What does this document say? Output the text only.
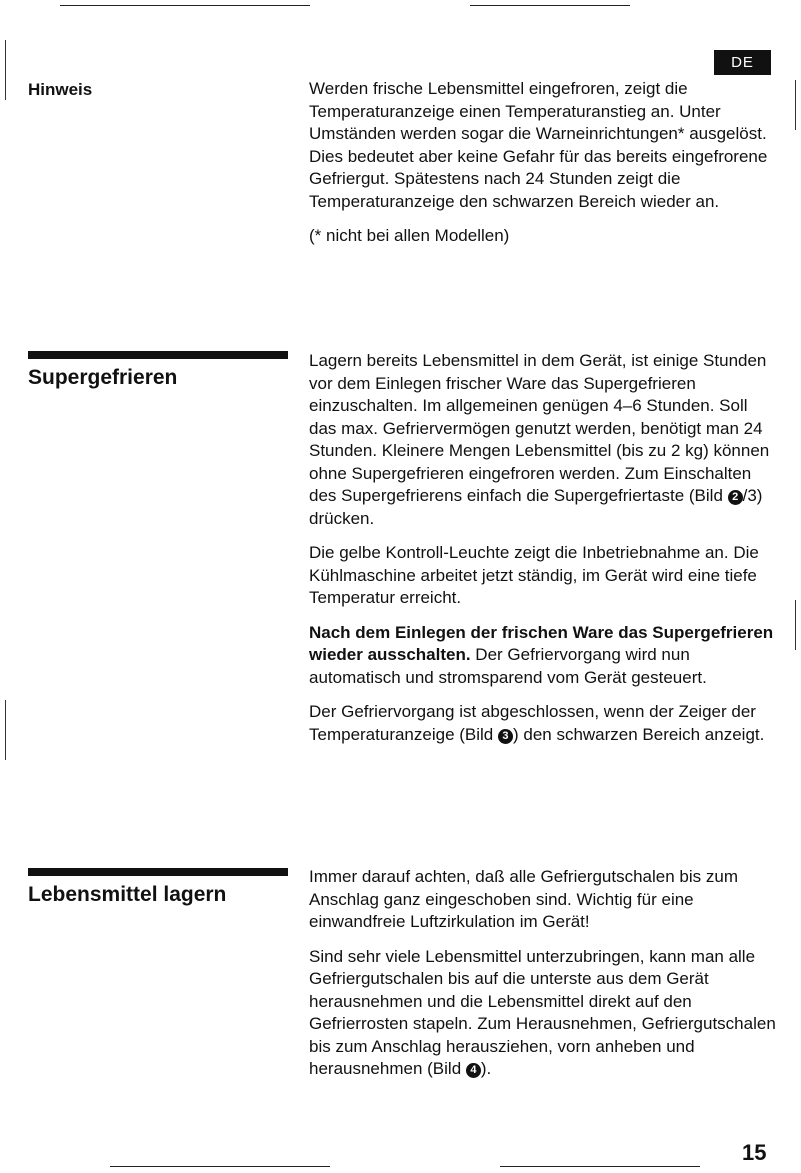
DE
Hinweis	Werden frische Lebensmittel eingefroren, zeigt die Temperaturanzeige einen Temperaturanstieg an. Unter Umständen werden sogar die Warneinrichtungen* ausgelöst. Dies bedeutet aber keine Gefahr für das bereits eingefrorene Gefriergut. Spätestens nach 24 Stunden zeigt die Temperaturanzeige den schwarzen Bereich wieder an.

(* nicht bei allen Modellen)

Supergefrieren

Lagern bereits Lebensmittel in dem Gerät, ist einige Stunden vor dem Einlegen frischer Ware das Supergefrieren einzuschalten. Im allgemeinen genügen 4–6 Stunden. Soll das max. Gefriervermögen genutzt werden, benötigt man 24 Stunden. Kleinere Mengen Lebensmittel (bis zu 2 kg) können ohne Supergefrieren eingefroren werden. Zum Einschalten des Supergefrierens einfach die Supergefriertaste (Bild 2 /3) drücken.

Die gelbe Kontroll-Leuchte zeigt die Inbetriebnahme an. Die Kühlmaschine arbeitet jetzt ständig, im Gerät wird eine tiefe Temperatur erreicht.

Nach dem Einlegen der frischen Ware das Supergefrieren wieder ausschalten. Der Gefriervorgang wird nun automatisch und stromsparend vom Gerät gesteuert.

Der Gefriervorgang ist abgeschlossen, wenn der Zeiger der Temperaturanzeige (Bild 3 ) den schwarzen Bereich anzeigt.

Lebensmittel lagern

Immer darauf achten, daß alle Gefriergutschalen bis zum Anschlag ganz eingeschoben sind. Wichtig für eine einwandfreie Luftzirkulation im Gerät!

Sind sehr viele Lebensmittel unterzubringen, kann man alle Gefriergutschalen bis auf die unterste aus dem Gerät herausnehmen und die Lebensmittel direkt auf den Gefrierrosten stapeln. Zum Herausnehmen, Gefriergutschalen bis zum Anschlag herausziehen, vorn anheben und herausnehmen (Bild 4 ).

15
